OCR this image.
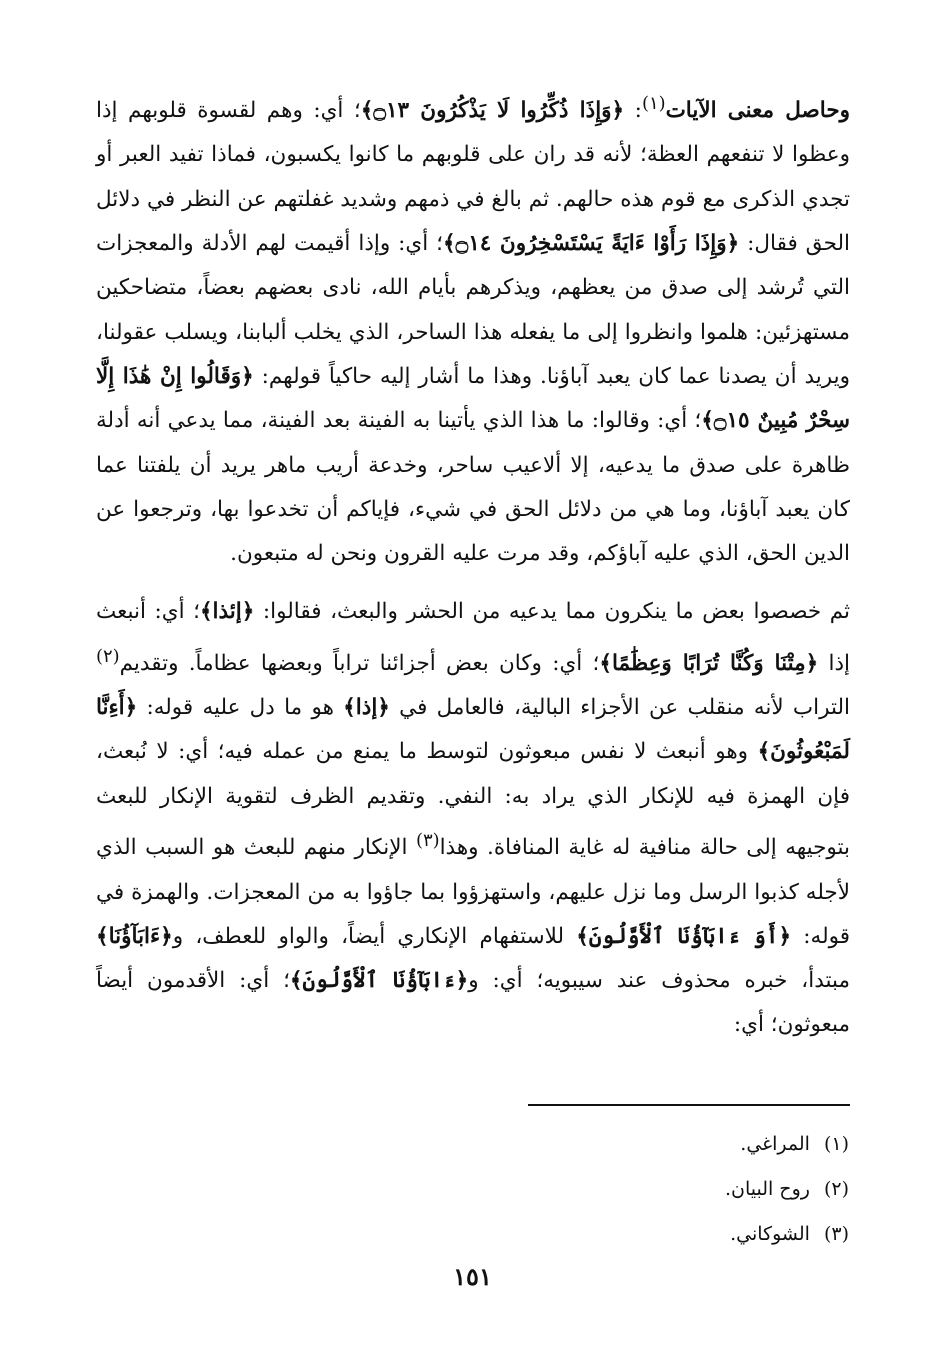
وحاصل معنى الآيات$^{(١)}$: ﴿وَإِذَا ذُكِّرُوا لَا يَذْكُرُونَ ۝١٣﴾؛ أي: وهم لقسوة قلوبهم إذا وعظوا لا تنفعهم العظة؛ لأنه قد ران على قلوبهم ما كانوا يكسبون، فماذا تفيد العبر أو تجدي الذكرى مع قوم هذه حالهم. ثم بالغ في ذمهم وشديد غفلتهم عن النظر في دلائل الحق فقال: ﴿وَإِذَا رَأَوْا ءَايَةً يَسْتَسْخِرُونَ ۝١٤﴾؛ أي: وإذا أقيمت لهم الأدلة والمعجزات التي تُرشد إلى صدق من يعظهم، ويذكرهم بأيام الله، نادى بعضهم بعضاً، متضاحكين مستهزئين: هلموا وانظروا إلى ما يفعله هذا الساحر، الذي يخلب ألبابنا، ويسلب عقولنا، ويريد أن يصدنا عما كان يعبد آباؤنا. وهذا ما أشار إليه حاكياً قولهم: ﴿وَقَالُوا إِنْ هَٰذَا إِلَّا سِحْرٌ مُبِينٌ ۝١٥﴾؛ أي: وقالوا: ما هذا الذي يأتينا به الفينة بعد الفينة، مما يدعي أنه أدلة ظاهرة على صدق ما يدعيه، إلا ألاعيب ساحر، وخدعة أريب ماهر يريد أن يلفتنا عما كان يعبد آباؤنا، وما هي من دلائل الحق في شيء، فإياكم أن تخدعوا بها، وترجعوا عن الدين الحق، الذي عليه آباؤكم، وقد مرت عليه القرون ونحن له متبعون.

ثم خصصوا بعض ما ينكرون مما يدعيه من الحشر والبعث، فقالوا: ﴿إئذا﴾؛ أي: أنبعث إذا ﴿مِتْنَا وَكُنَّا تُرَابًا وَعِظَٰمًا﴾؛ أي: وكان بعض أجزائنا تراباً وبعضها عظاماً. وتقديم$^{(٢)}$ التراب لأنه منقلب عن الأجزاء البالية، فالعامل في ﴿إذا﴾ هو ما دل عليه قوله: ﴿أَءِنَّا لَمَبْعُوثُونَ﴾ وهو أنبعث لا نفس مبعوثون لتوسط ما يمنع من عمله فيه؛ أي: لا نُبعث، فإن الهمزة فيه للإنكار الذي يراد به: النفي. وتقديم الظرف لتقوية الإنكار للبعث بتوجيهه إلى حالة منافية له غاية المنافاة. وهذا$^{(٣)}$ الإنكار منهم للبعث هو السبب الذي لأجله كذبوا الرسل وما نزل عليهم، واستهزؤوا بما جاؤوا به من المعجزات. والهمزة في قوله: ﴿أَوَ ءَابَآؤُنَا ٱلْأَوَّلُونَ﴾ للاستفهام الإنكاري أيضاً، والواو للعطف، و﴿ءَابَآؤُنَا﴾ مبتدأ، خبره محذوف عند سيبويه؛ أي: و﴿ءَابَآؤُنَا ٱلْأَوَّلُونَ﴾؛ أي: الأقدمون أيضاً مبعوثون؛ أي:

(١)المراغي.

(٢)روح البيان.

(٣)الشوكاني.

١٥١
